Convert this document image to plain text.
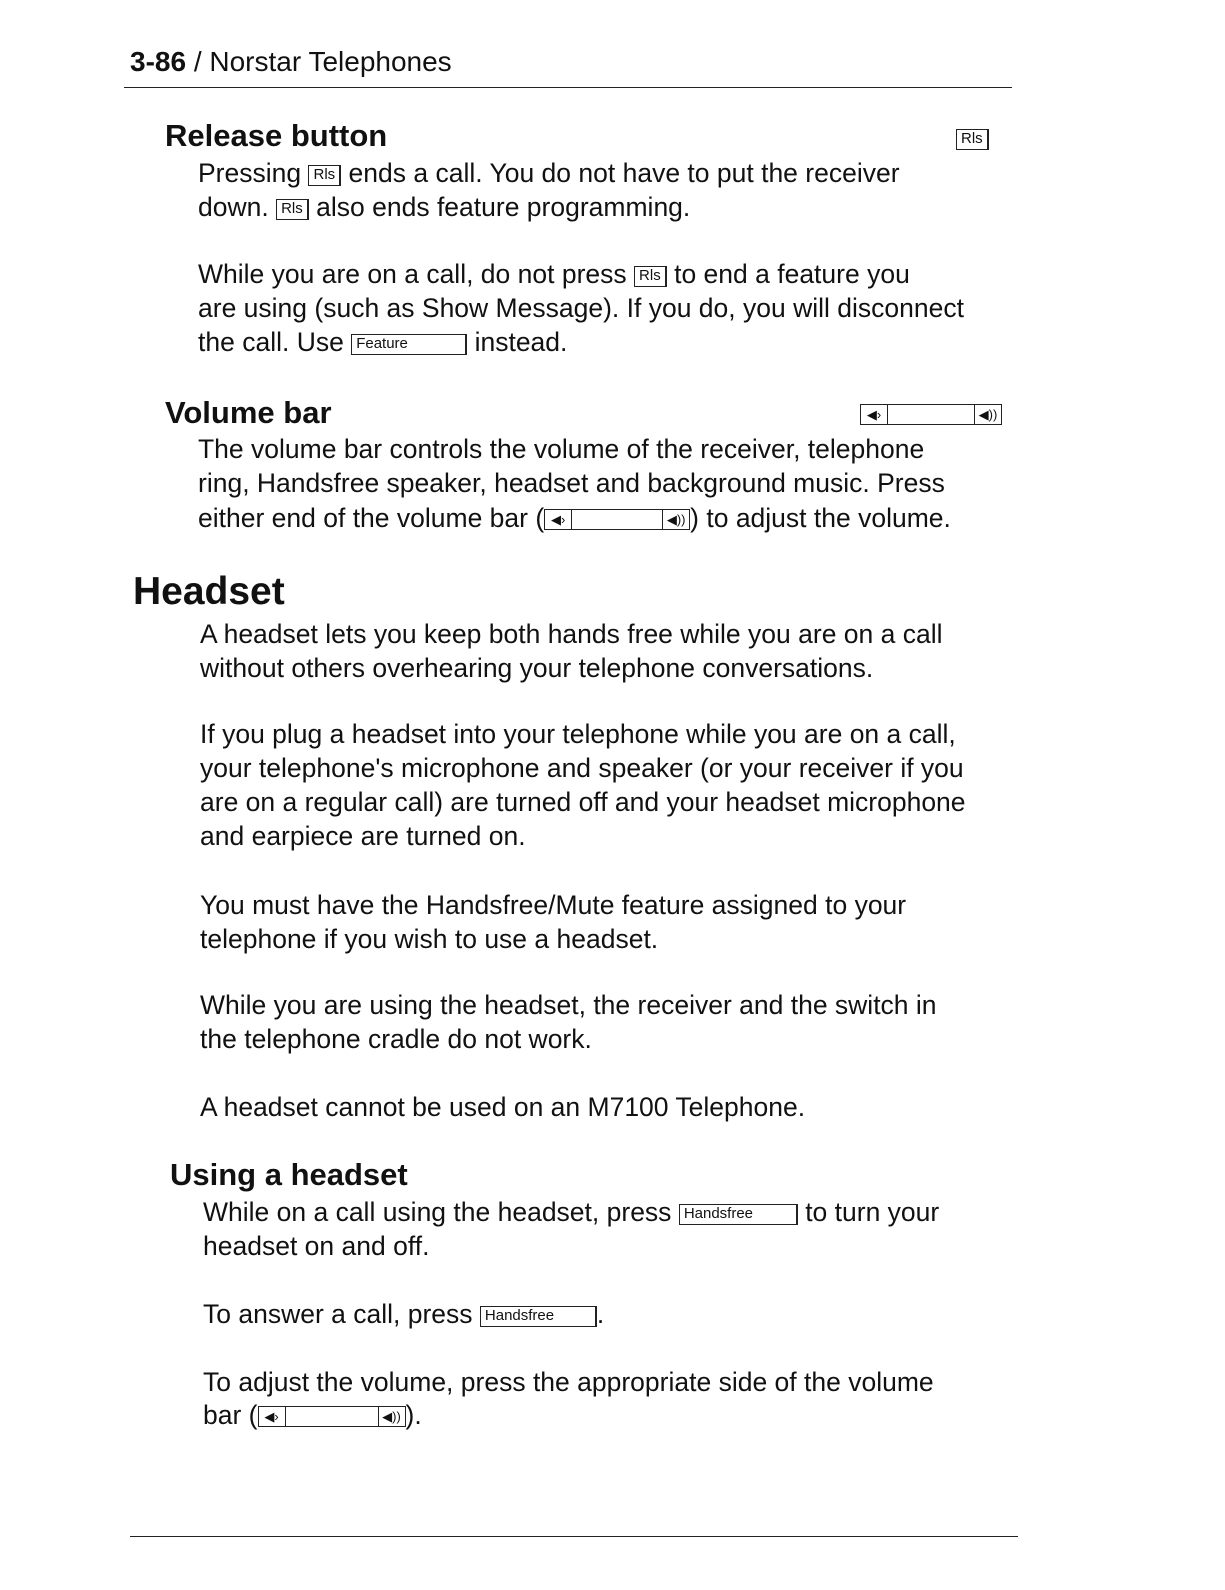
3-86 / Norstar Telephones
Release button	Rls
Pressing Rls ends a call. You do not have to put the receiver
down. Rls also ends feature programming.
While you are on a call, do not press Rls to end a feature you
are using (such as Show Message). If you do, you will disconnect
the call. Use Feature	instead.
Volume bar	◀›	◀))
The volume bar controls the volume of the receiver, telephone
ring, Handsfree speaker, headset and background music. Press
either end of the volume bar ( ◀›	◀)) ) to adjust the volume.
Headset
A headset lets you keep both hands free while you are on a call
without others overhearing your telephone conversations.
If you plug a headset into your telephone while you are on a call,
your telephone's microphone and speaker (or your receiver if you
are on a regular call) are turned off and your headset microphone
and earpiece are turned on.
You must have the Handsfree/Mute feature assigned to your
telephone if you wish to use a headset.
While you are using the headset, the receiver and the switch in
the telephone cradle do not work.
A headset cannot be used on an M7100 Telephone.
Using a headset
While on a call using the headset, press Handsfree to turn your
headset on and off.
To answer a call, press Handsfree .
To adjust the volume, press the appropriate side of the volume
bar ( ◀›	◀)) ).
